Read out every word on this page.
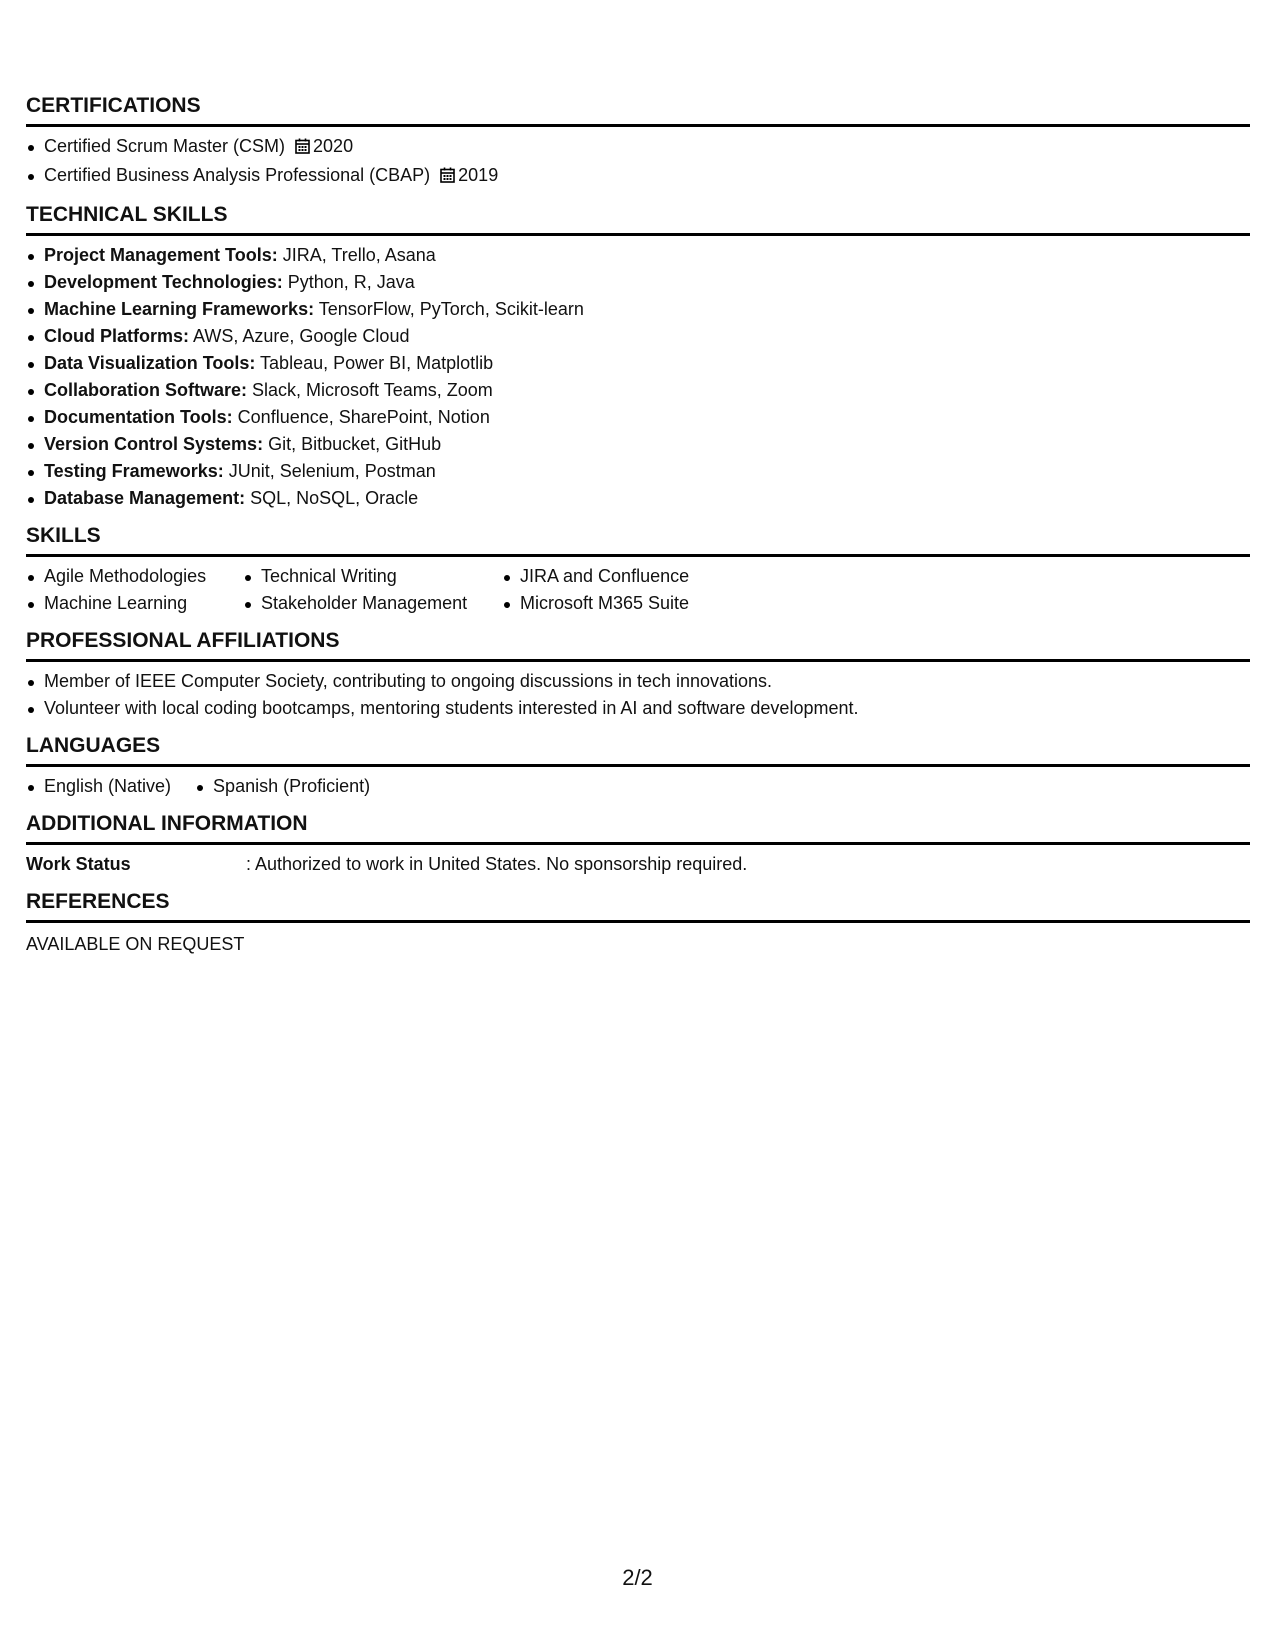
CERTIFICATIONS
Certified Scrum Master (CSM) 2020
Certified Business Analysis Professional (CBAP) 2019
TECHNICAL SKILLS
Project Management Tools: JIRA, Trello, Asana
Development Technologies: Python, R, Java
Machine Learning Frameworks: TensorFlow, PyTorch, Scikit-learn
Cloud Platforms: AWS, Azure, Google Cloud
Data Visualization Tools: Tableau, Power BI, Matplotlib
Collaboration Software: Slack, Microsoft Teams, Zoom
Documentation Tools: Confluence, SharePoint, Notion
Version Control Systems: Git, Bitbucket, GitHub
Testing Frameworks: JUnit, Selenium, Postman
Database Management: SQL, NoSQL, Oracle
SKILLS
Agile Methodologies	Technical Writing	JIRA and Confluence
Machine Learning	Stakeholder Management	Microsoft M365 Suite
PROFESSIONAL AFFILIATIONS
Member of IEEE Computer Society, contributing to ongoing discussions in tech innovations.
Volunteer with local coding bootcamps, mentoring students interested in AI and software development.
LANGUAGES
English (Native)	Spanish (Proficient)
ADDITIONAL INFORMATION
Work Status	: Authorized to work in United States. No sponsorship required.
REFERENCES
AVAILABLE ON REQUEST
2/2
